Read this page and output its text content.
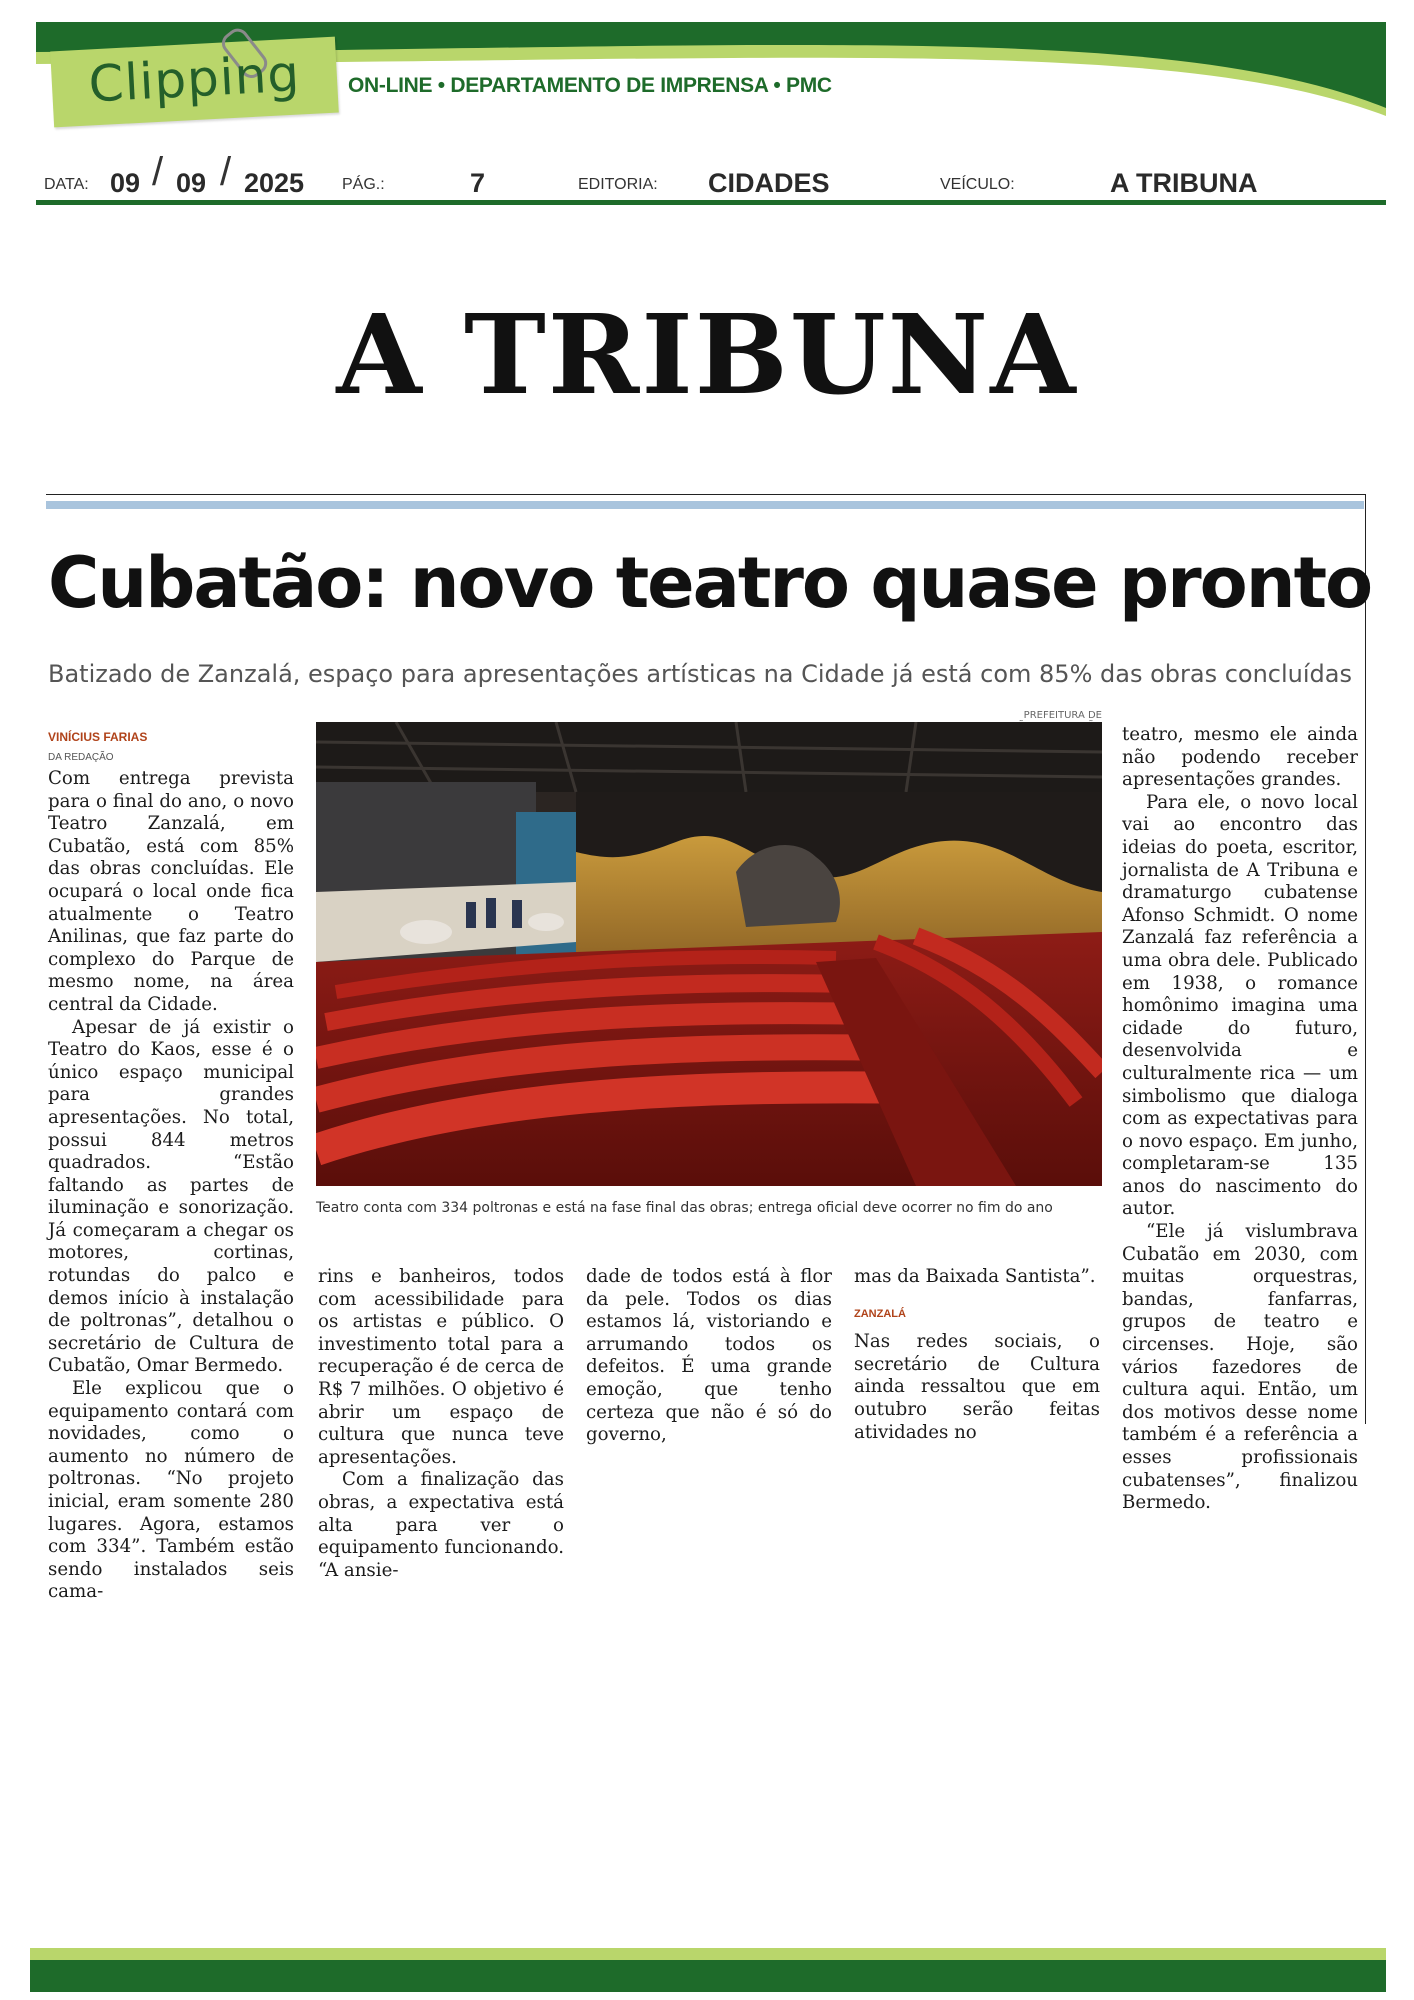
Clipping	ON-LINE • DEPARTAMENTO DE IMPRENSA • PMC
DATA: 09 / 09 / 2025 PÁG.:	7	EDITORIA: CIDADES	VEÍCULO:	A TRIBUNA
A TRIBUNA
Cubatão: novo teatro quase pronto
Batizado de Zanzalá, espaço para apresentações artísticas na Cidade já está com 85% das obras concluídas
PREFEITURA DE
VINÍCIUS FARIAS
DA REDAÇÃO
Teatro conta com 334 poltronas e está na fase final das obras; entrega oficial deve ocorrer no fim do ano

Com entrega prevista para o final do ano, o novo Teatro Zanzalá, em Cubatão, está com 85% das obras concluídas. Ele ocupará o local onde fica atualmente o Teatro Anilinas, que faz parte do complexo do Parque de mesmo nome, na área central da Cidade.

Apesar de já existir o Teatro do Kaos, esse é o único espaço municipal para grandes apresentações. No total, possui 844 metros quadrados. “Estão faltando as partes de iluminação e sonorização. Já começaram a chegar os motores, cortinas, rotundas do palco e demos início à instalação de poltronas”, detalhou o secretário de Cultura de Cubatão, Omar Bermedo.

Ele explicou que o equipamento contará com novidades, como o aumento no número de poltronas. “No projeto inicial, eram somente 280 lugares. Agora, estamos com 334”. Também estão sendo instalados seis cama-

rins e banheiros, todos com acessibilidade para os artistas e público. O investimento total para a recuperação é de cerca de R$ 7 milhões. O objetivo é abrir um espaço de cultura que nunca teve apresentações.

Com a finalização das obras, a expectativa está alta para ver o equipamento funcionando. “A ansie-

dade de todos está à flor da pele. Todos os dias estamos lá, vistoriando e arrumando todos os defeitos. É uma grande emoção, que tenho certeza que não é só do governo,

mas da Baixada Santista”.

ZANZALÁ

Nas redes sociais, o secretário de Cultura ainda ressaltou que em outubro serão feitas atividades no

teatro, mesmo ele ainda não podendo receber apresentações grandes.

Para ele, o novo local vai ao encontro das ideias do poeta, escritor, jornalista de A Tribuna e dramaturgo cubatense Afonso Schmidt. O nome Zanzalá faz referência a uma obra dele. Publicado em 1938, o romance homônimo imagina uma cidade do futuro, desenvolvida e culturalmente rica — um simbolismo que dialoga com as expectativas para o novo espaço. Em junho, completaram-se 135 anos do nascimento do autor.

“Ele já vislumbrava Cubatão em 2030, com muitas orquestras, bandas, fanfarras, grupos de teatro e circenses. Hoje, são vários fazedores de cultura aqui. Então, um dos motivos desse nome também é a referência a esses profissionais cubatenses”, finalizou Bermedo.
